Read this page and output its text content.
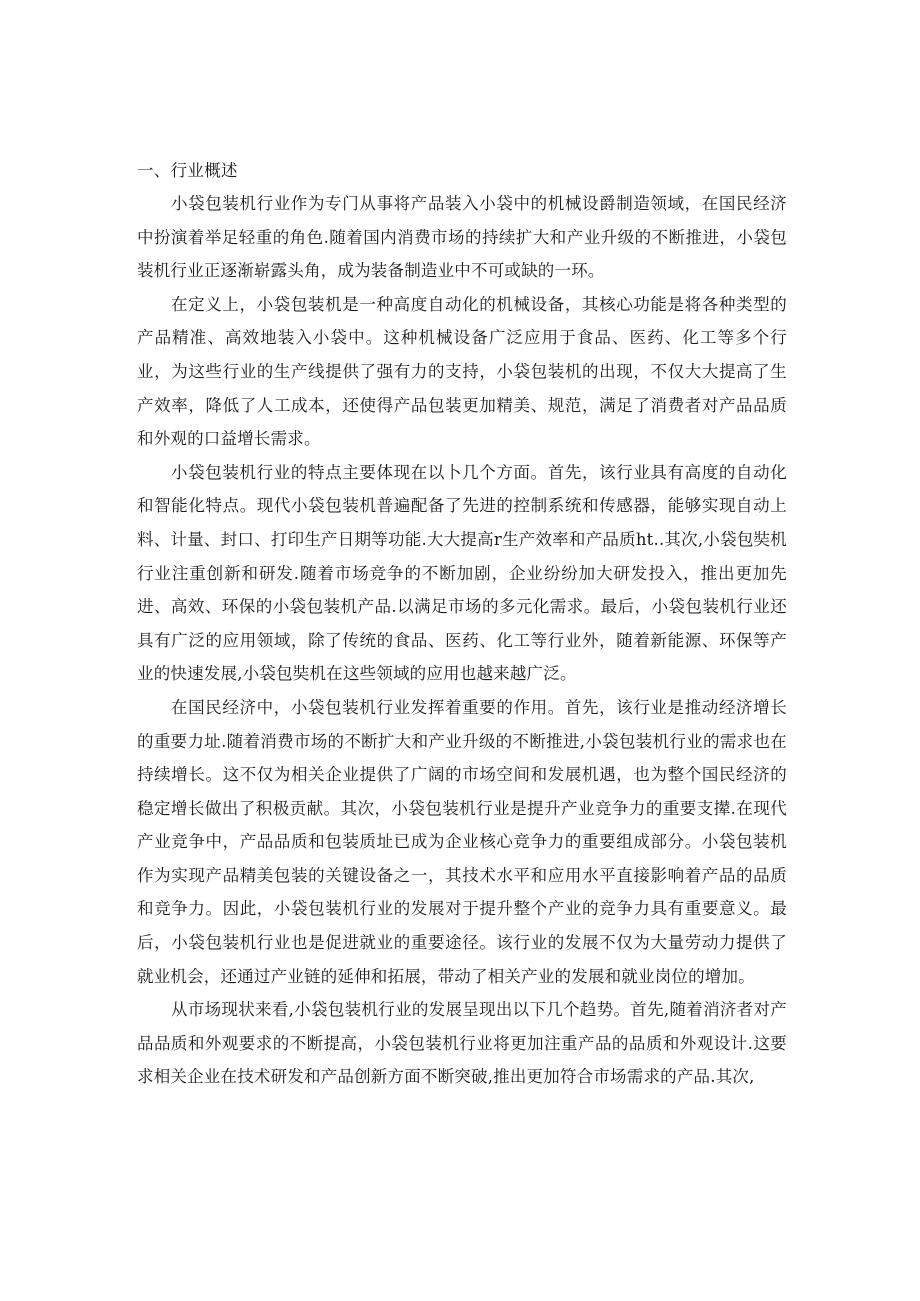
一、行业概述

小袋包装机行业作为专门从事将产品装入小袋中的机械设爵制造领域，在国民经济中扮演着举足轻重的角色.随着国内消费市场的持续扩大和产业升级的不断推进，小袋包装机行业正逐渐崭露头角，成为装备制造业中不可或缺的一环。

在定义上，小袋包装机是一种高度自动化的机械设备，其核心功能是将各种类型的产品精准、高效地装入小袋中。这种机械设备广泛应用于食品、医药、化工等多个行业，为这些行业的生产线提供了强有力的支持，小袋包装机的出现，不仅大大提高了生产效率，降低了人工成本，还使得产品包装更加精美、规范，满足了消费者对产品品质和外观的口益增长需求。

小袋包装机行业的特点主要体现在以卜几个方面。首先，该行业具有高度的自动化和智能化特点。现代小袋包装机普遍配备了先进的控制系统和传感器，能够实现自动上料、计量、封口、打印生产日期等功能.大大提高r生产效率和产品质ht..其次,小袋包奘机行业注重创新和研发.随着市场竞争的不断加剧，企业纷纷加大研发投入，推出更加先进、高效、环保的小袋包装机产品.以满足市场的多元化需求。最后，小袋包装机行业还具有广泛的应用领域，除了传统的食品、医药、化工等行业外，随着新能源、环保等产业的快速发展,小袋包奘机在这些领域的应用也越来越广泛。

在国民经济中，小袋包装机行业发挥着重要的作用。首先，该行业是推动经济增长的重要力址.随着消费市场的不断扩大和产业升级的不断推进,小袋包装机行业的需求也在持续增长。这不仅为相关企业提供了广阔的市场空间和发展机遇，也为整个国民经济的稳定增长做出了积极贡献。其次，小袋包装机行业是提升产业竞争力的重要支撵.在现代产业竞争中，产品品质和包装质址已成为企业核心竞争力的重要组成部分。小袋包装机作为实现产品精美包装的关键设备之一，其技术水平和应用水平直接影响着产品的品质和竞争力。因此，小袋包装机行业的发展对于提升整个产业的竞争力具有重要意义。最后，小袋包装机行业也是促进就业的重要途径。该行业的发展不仅为大量劳动力提供了就业机会，还通过产业链的延伸和拓展，带动了相关产业的发展和就业岗位的增加。

从市场现状来看,小袋包装机行业的发展呈现出以下几个趋势。首先,随着消济者对产品品质和外观要求的不断提高，小袋包装机行业将更加注重产品的品质和外观设计.这要求相关企业在技术研发和产品创新方面不断突破,推出更加符合市场需求的产品.其次,
